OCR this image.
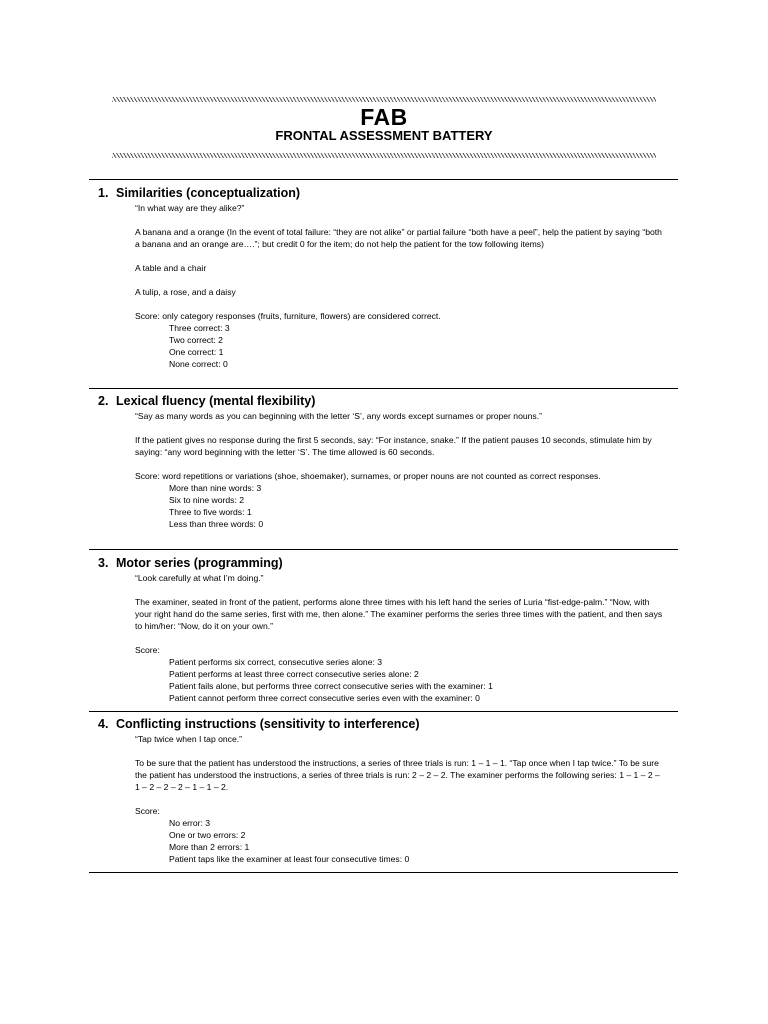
FAB
FRONTAL ASSESSMENT BATTERY
1. Similarities (conceptualization)

“In what way are they alike?”

A banana and a orange (In the event of total failure: “they are not alike” or partial failure “both have a peel”, help the patient by saying “both a banana and an orange are….”; but credit 0 for the item; do not help the patient for the tow following items)

A table and a chair

A tulip, a rose, and a daisy

Score: only category responses (fruits, furniture, flowers) are considered correct.

Three correct: 3

Two correct: 2

One correct: 1

None correct: 0

2. Lexical fluency (mental flexibility)

“Say as many words as you can beginning with the letter ‘S’, any words except surnames or proper nouns.”

If the patient gives no response during the first 5 seconds, say: “For instance, snake.” If the patient pauses 10 seconds, stimulate him by saying: “any word beginning with the letter ‘S’. The time allowed is 60 seconds.

Score: word repetitions or variations (shoe, shoemaker), surnames, or proper nouns are not counted as correct responses.

More than nine words: 3

Six to nine words: 2

Three to five words: 1

Less than three words: 0

3. Motor series (programming)

“Look carefully at what I’m doing.”

The examiner, seated in front of the patient, performs alone three times with his left hand the series of Luria “fist-edge-palm.” “Now, with your right hand do the same series, first with me, then alone.” The examiner performs the series three times with the patient, and then says to him/her: “Now, do it on your own.”

Score:

Patient performs six correct, consecutive series alone: 3

Patient performs at least three correct consecutive series alone: 2

Patient fails alone, but performs three correct consecutive series with the examiner: 1

Patient cannot perform three correct consecutive series even with the examiner: 0

4. Conflicting instructions (sensitivity to interference)

“Tap twice when I tap once.”

To be sure that the patient has understood the instructions, a series of three trials is run: 1 – 1 – 1. “Tap once when I tap twice.” To be sure the patient has understood the instructions, a series of three trials is run: 2 – 2 – 2. The examiner performs the following series: 1 – 1 – 2 – 1 – 2 – 2 – 2 – 1 – 1 – 2.

Score:

No error: 3

One or two errors: 2

More than 2 errors: 1

Patient taps like the examiner at least four consecutive times: 0
